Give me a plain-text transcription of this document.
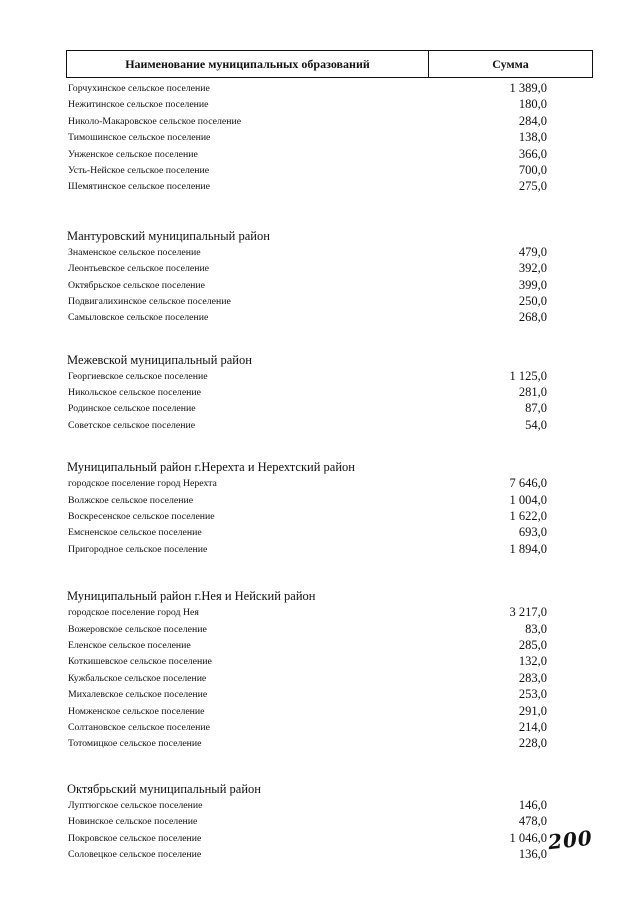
Наименование муниципальных образований	Сумма
Горчухинское сельское поселение	1 389,0
Нежитинское сельское поселение	180,0
Николо-Макаровское сельское поселение	284,0
Тимошинское сельское поселение	138,0
Унженское сельское поселение	366,0
Усть-Нейское сельское поселение	700,0
Шемятинское сельское поселение	275,0
Мантуровский муниципальный район
Знаменское сельское поселение	479,0
Леонтьевское сельское поселение	392,0
Октябрьское сельское поселение	399,0
Подвигалихинское сельское поселение	250,0
Самыловское сельское поселение	268,0
Межевской муниципальный район
Георгиевское сельское поселение	1 125,0
Никольское сельское поселение	281,0
Родинское сельское поселение	87,0
Советское сельское поселение	54,0
Муниципальный район г.Нерехта и Нерехтский район
городское поселение город Нерехта	7 646,0
Волжское сельское поселение	1 004,0
Воскресенское сельское поселение	1 622,0
Емсненское сельское поселение	693,0
Пригородное сельское поселение	1 894,0
Муниципальный район г.Нея и Нейский район
городское поселение город Нея	3 217,0
Вожеровское сельское поселение	83,0
Еленское сельское поселение	285,0
Коткишевское сельское поселение	132,0
Кужбальское сельское поселение	283,0
Михалевское сельское поселение	253,0
Номженское сельское поселение	291,0
Солтановское сельское поселение	214,0
Тотомицкое сельское поселение	228,0
Октябрьский муниципальный район
Луптюгское сельское поселение	146,0
Новинское сельское поселение	478,0
Покровское сельское поселение	1 046,0
Соловецкое сельское поселение	136,0 200
